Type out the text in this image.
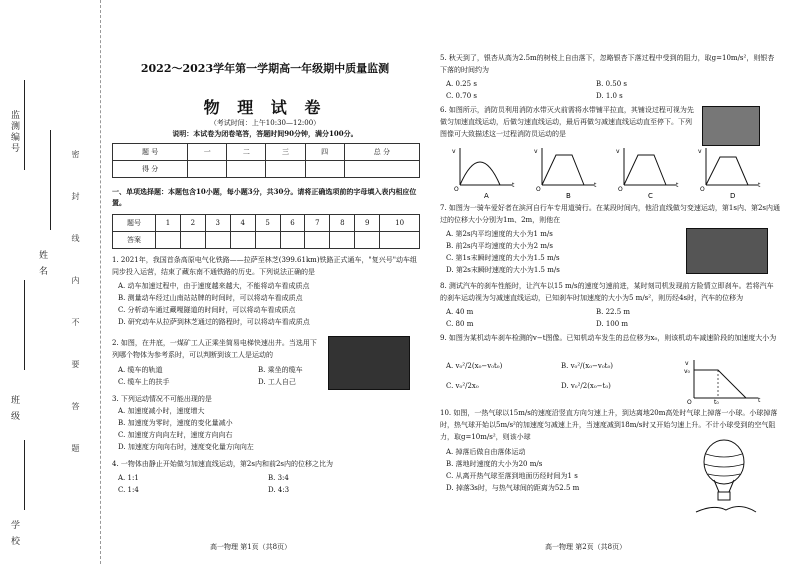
监测编号
班 级
姓 名
学 校
密封线内不要答题
2022～2023学年第一学期高一年级期中质量监测
物 理 试 卷
（考试时间：上午10:30—12:00）
说明：本试卷为闭卷笔答，答题时间90分钟，满分100分。
题 号	一	二	三	四	总 分
得 分					
一、单项选择题：本题包含10小题，每小题3分，共30分。请将正确选项前的字母填入表内相应位置。
题号	1	2	3	4	5	6	7	8	9	10
答案										
1. 2021年，我国首条高原电气化铁路——拉萨至林芝(399.61km)铁路正式通车，"复兴号"动车组同步投入运营，结束了藏东南不通铁路的历史。下列说法正确的是
A. 动车加速过程中，由于速度越来越大，不能将动车看成质点
B. 测量动车经过山南站站牌的时间时，可以将动车看成质点
C. 分析动车通过藏嘎隧道的时间时，可以将动车看成质点
D. 研究动车从拉萨到林芝通过的路程时，可以将动车看成质点
2. 如图，在井底，一煤矿工人正乘坐简易电梯快速出井。当选用下列哪个物体为参考系时，可以判断到该工人是运动的
A. 缆车的轨道	B. 乘坐的缆车
C. 缆车上的扶手	D. 工人自己
3. 下列运动情况不可能出现的是
A. 加速度减小时，速度增大
B. 加速度为零时，速度的变化量减小
C. 加速度方向向左时，速度方向向右
D. 加速度方向向右时，速度变化量方向向左
4. 一物体由静止开始做匀加速直线运动，第2s内和前2s内的位移之比为
A. 1:1	B. 3:4
C. 1:4	D. 4:3
高一物理 第1页（共8页）
5. 秋天到了，银杏从高为2.5m的树枝上自由落下，忽略银杏下落过程中受到的阻力，取g=10m/s²，则银杏下落的时间约为
A. 0.25 s	B. 0.50 s
C. 0.70 s	D. 1.0 s
6. 如图所示，消防员利用消防水带灭火前需将水带铺平拉直，其铺设过程可视为先做匀加速直线运动，后做匀速直线运动，最后再做匀减速直线运动直至停下。下列图像可大致描述这一过程消防员运动的是
v
t
O
A
v
t
O
B
v
t
O
C
v
t
O
D
7. 如图为一骑车爱好者在滨河自行车专用道骑行。在某段时间内，他沿直线做匀变速运动，第1s内、第2s内通过的位移大小分别为1m、2m，则他在
A. 第2s内平均速度的大小为1 m/s
B. 前2s内平均速度的大小为2 m/s
C. 第1s末瞬时速度的大小为1.5 m/s
D. 第2s末瞬时速度的大小为1.5 m/s
8. 测试汽车的刹车性能时，让汽车以15 m/s的速度匀速前进，某时刻司机发现前方险情立即刹车。若将汽车的刹车运动视为匀减速直线运动，已知刹车时加速度的大小为5 m/s²，则历经4s时，汽车的位移为
A. 40 m	B. 22.5 m
C. 80 m	D. 100 m
9. 如图为某机动车刹车检测的v−t图像。已知机动车发生的总位移为x₀，则该机动车减速阶段的加速度大小为
A. v₀²/2(x₀−v₀t₀)	B. v₀²/(x₀−v₀t₀)
C. v₀²/2x₀	D. v₀²/2(x₀−t₀)
v
v₀
t
O	t₀
10. 如图，一热气球以15m/s的速度沿竖直方向匀速上升，到达离地20m高处时气球上掉落一小球。小球掉落时，热气球开始以5m/s²的加速度匀减速上升，当速度减到18m/s时又开始匀速上升。不计小球受到的空气阻力，取g=10m/s²，则该小球
A. 掉落后做自由落体运动
B. 落地时速度的大小为20 m/s
C. 从离开热气球至落到地面历经时间为1 s
D. 掉落3s时，与热气球间的距离为52.5 m
高一物理 第2页（共8页）
